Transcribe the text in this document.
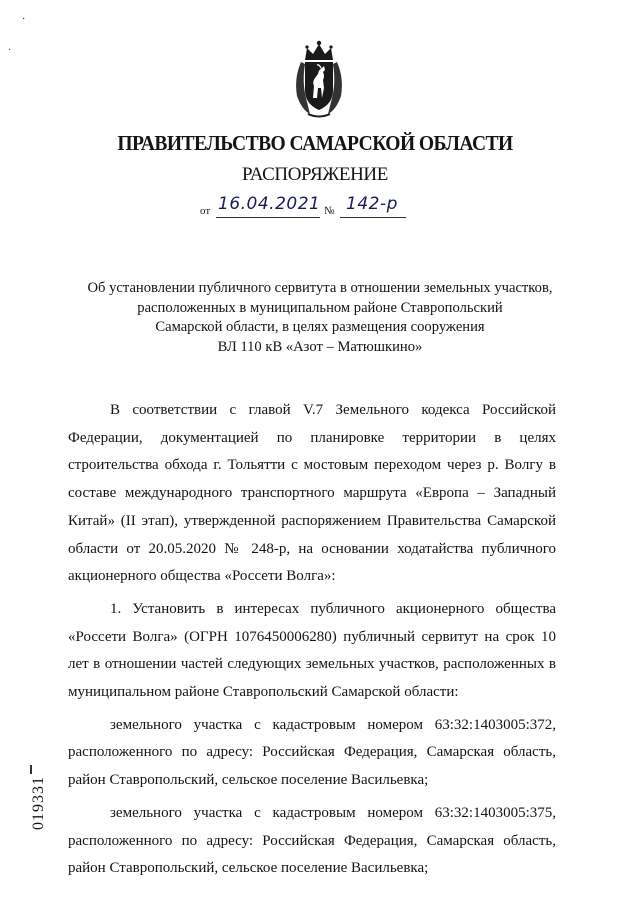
·
·
ПРАВИТЕЛЬСТВО САМАРСКОЙ ОБЛАСТИ
РАСПОРЯЖЕНИЕ
от 16.04.2021 № 142-р
Об установлении публичного сервитута в отношении земельных участков,
расположенных в муниципальном районе Ставропольский
Самарской области, в целях размещения сооружения
ВЛ 110 кВ «Азот – Матюшкино»

В соответствии с главой V.7 Земельного кодекса Российской Федерации, документацией по планировке территории в целях строительства обхода г. Тольятти с мостовым переходом через р. Волгу в составе международного транспортного маршрута «Европа – Западный Китай» (II этап), утвержденной распоряжением Правительства Самарской области от 20.05.2020 № 248-р, на основании ходатайства публичного акционерного общества «Россети Волга»:

1. Установить в интересах публичного акционерного общества «Россети Волга» (ОГРН 1076450006280) публичный сервитут на срок 10 лет в отношении частей следующих земельных участков, расположенных в муниципальном районе Ставропольский Самарской области:

земельного участка с кадастровым номером 63:32:1403005:372, расположенного по адресу: Российская Федерация, Самарская область, район Ставропольский, сельское поселение Васильевка;

земельного участка с кадастровым номером 63:32:1403005:375, расположенного по адресу: Российская Федерация, Самарская область, район Ставропольский, сельское поселение Васильевка;

019331
